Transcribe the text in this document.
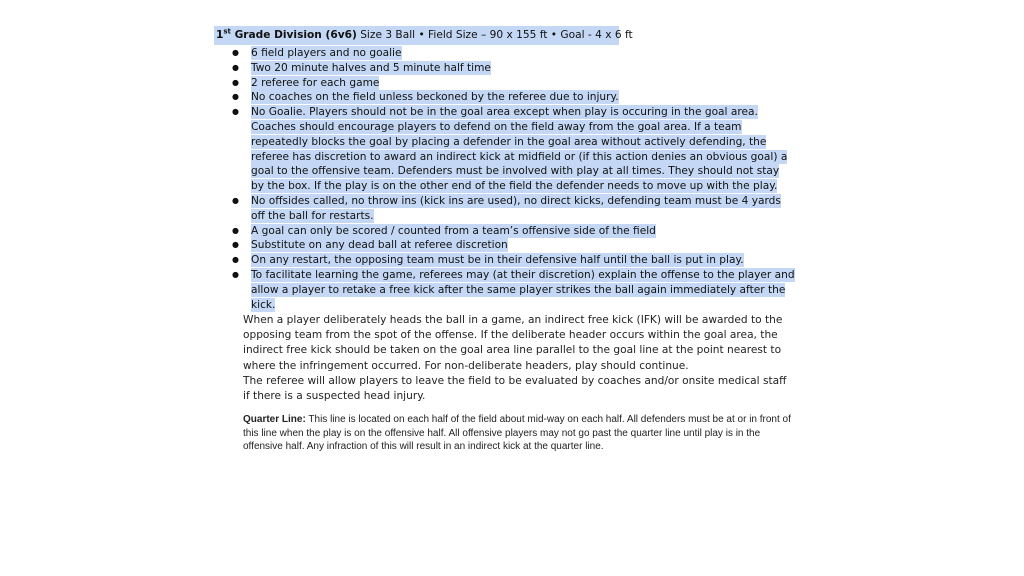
1st Grade Division (6v6) Size 3 Ball • Field Size – 90 x 155 ft • Goal - 4 x 6 ft
● 6 field players and no goalie
● Two 20 minute halves and 5 minute half time
● 2 referee for each game
● No coaches on the field unless beckoned by the referee due to injury.
● No Goalie. Players should not be in the goal area except when play is occuring in the goal area. Coaches should encourage players to defend on the field away from the goal area. If a team repeatedly blocks the goal by placing a defender in the goal area without actively defending, the referee has discretion to award an indirect kick at midfield or (if this action denies an obvious goal) a goal to the offensive team. Defenders must be involved with play at all times. They should not stay by the box. If the play is on the other end of the field the defender needs to move up with the play.
● No offsides called, no throw ins (kick ins are used), no direct kicks, defending team must be 4 yards off the ball for restarts.
● A goal can only be scored / counted from a team’s offensive side of the field
● Substitute on any dead ball at referee discretion
● On any restart, the opposing team must be in their defensive half until the ball is put in play.
● To facilitate learning the game, referees may (at their discretion) explain the offense to the player and allow a player to retake a free kick after the same player strikes the ball again immediately after the kick.

When a player deliberately heads the ball in a game, an indirect free kick (IFK) will be awarded to the opposing team from the spot of the offense. If the deliberate header occurs within the goal area, the indirect free kick should be taken on the goal area line parallel to the goal line at the point nearest to where the infringement occurred. For non-deliberate headers, play should continue.

The referee will allow players to leave the field to be evaluated by coaches and/or onsite medical staff if there is a suspected head injury.

Quarter Line: This line is located on each half of the field about mid-way on each half. All defenders must be at or in front of this line when the play is on the offensive half. All offensive players may not go past the quarter line until play is in the offensive half. Any infraction of this will result in an indirect kick at the quarter line.
